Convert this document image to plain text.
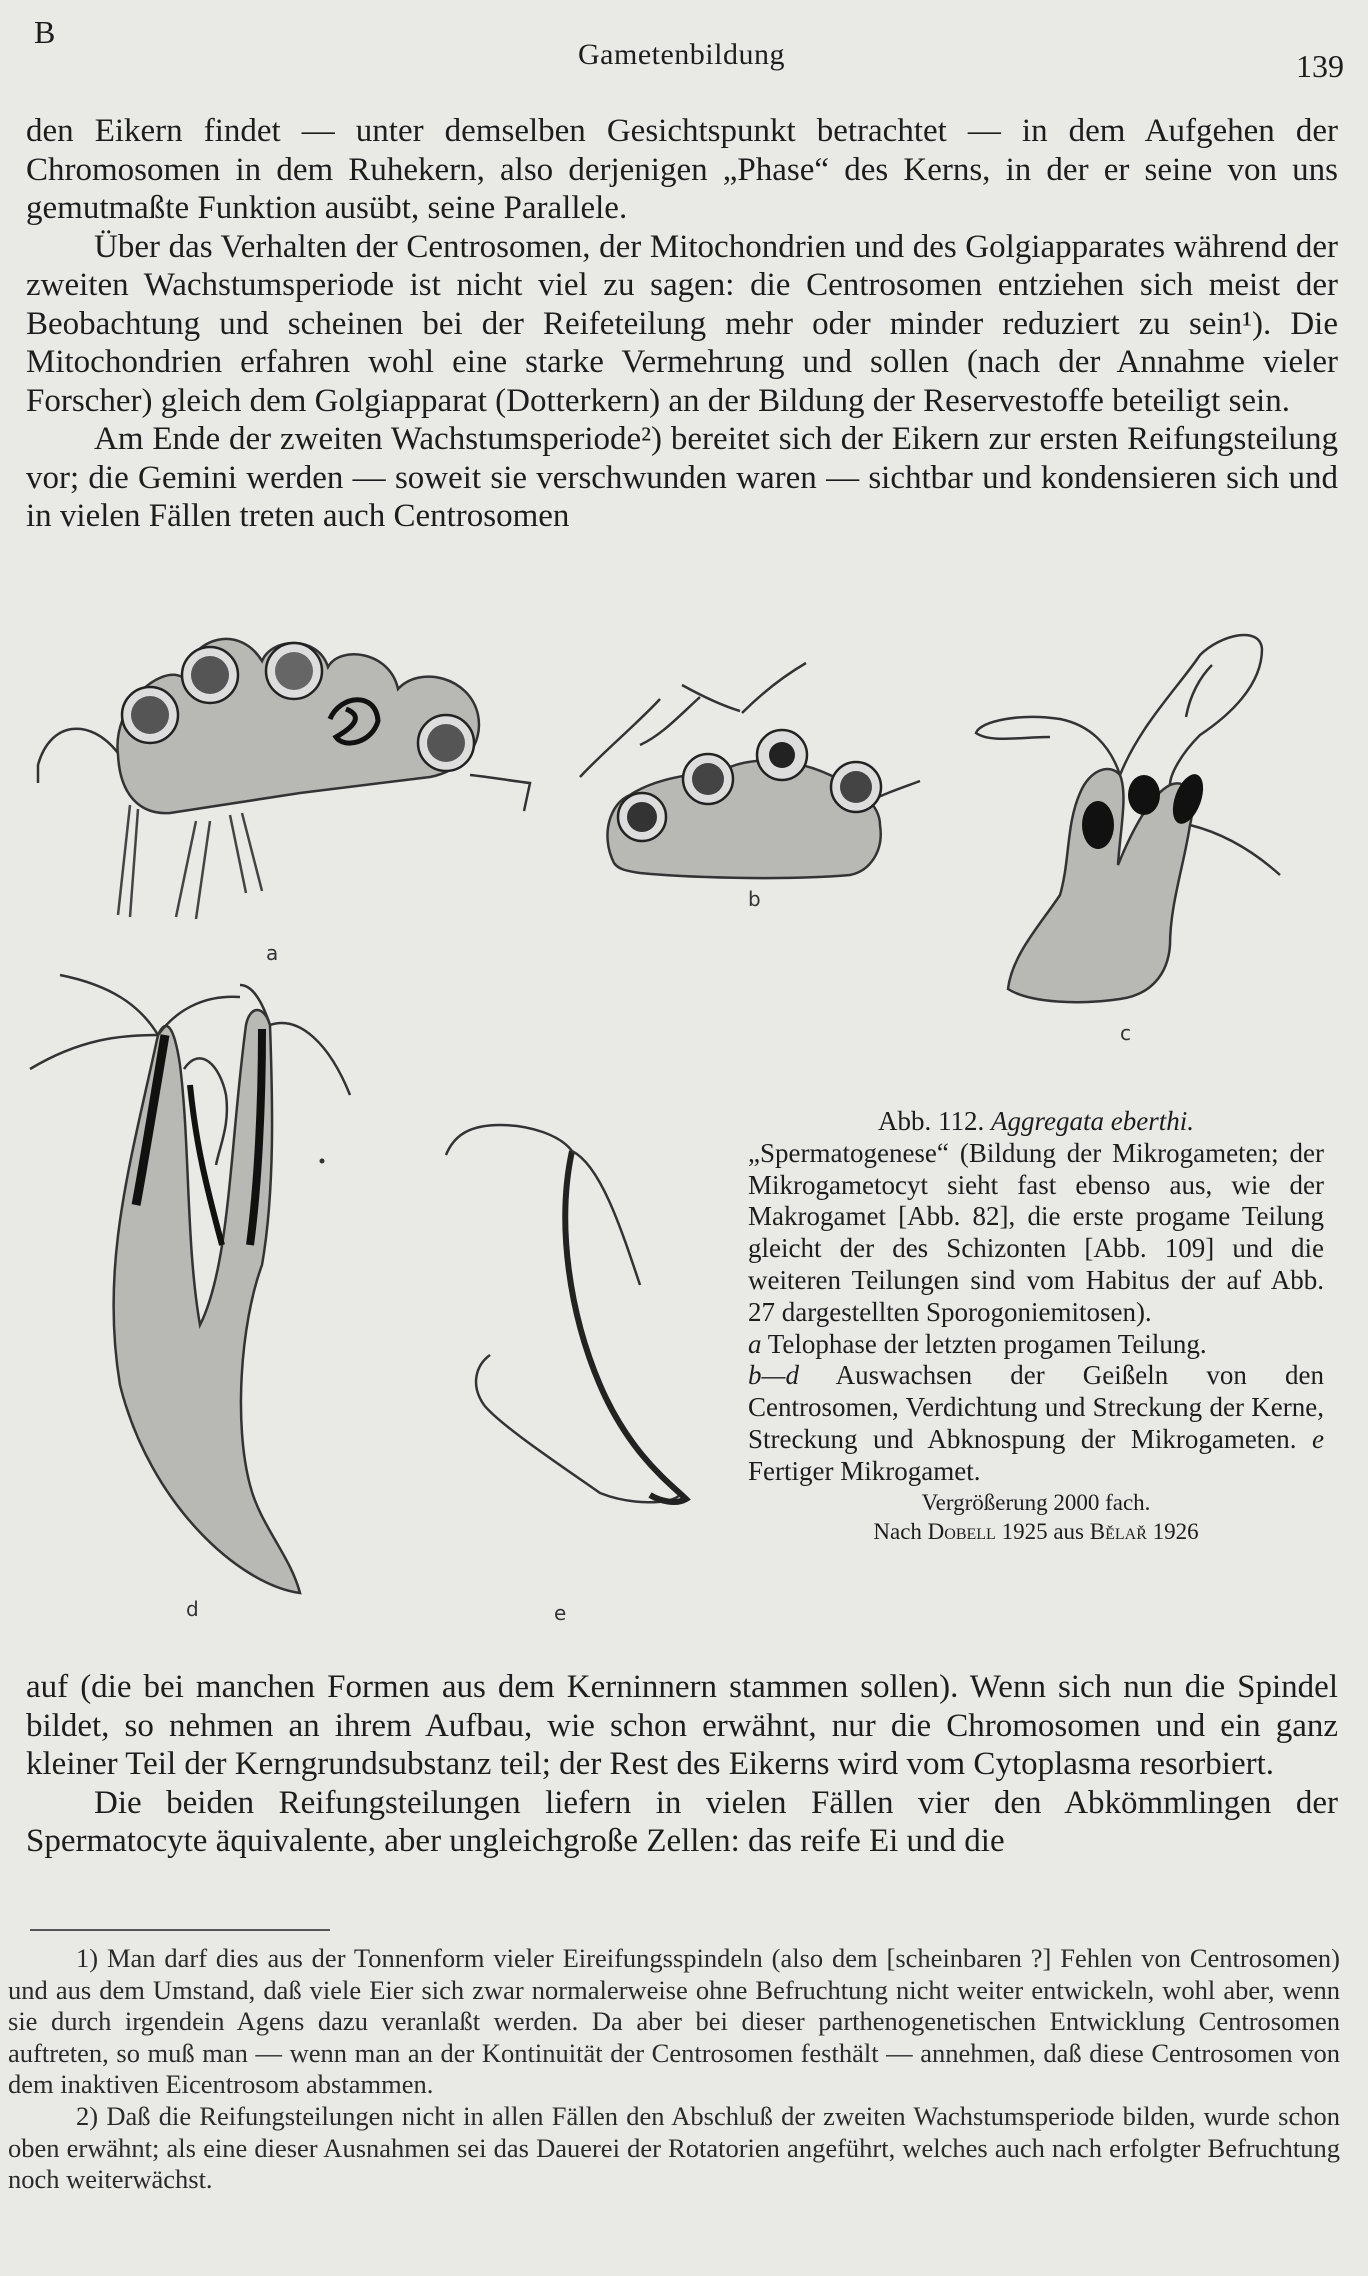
B
Gametenbildung	139

den Eikern findet — unter demselben Gesichtspunkt betrachtet — in dem Aufgehen der Chromosomen in dem Ruhekern, also derjenigen „Phase“ des Kerns, in der er seine von uns gemutmaßte Funktion ausübt, seine Parallele.

Über das Verhalten der Centrosomen, der Mitochondrien und des Golgiapparates während der zweiten Wachstumsperiode ist nicht viel zu sagen: die Centrosomen entziehen sich meist der Beobachtung und scheinen bei der Reifeteilung mehr oder minder reduziert zu sein¹). Die Mitochondrien erfahren wohl eine starke Vermehrung und sollen (nach der Annahme vieler Forscher) gleich dem Golgiapparat (Dotterkern) an der Bildung der Reservestoffe beteiligt sein.

Am Ende der zweiten Wachstumsperiode²) bereitet sich der Eikern zur ersten Reifungsteilung vor; die Gemini werden — soweit sie verschwunden waren — sichtbar und kondensieren sich und in vielen Fällen treten auch Centrosomen

a
b
c
d	e

Abb. 112. Aggregata eberthi.

„Spermatogenese“ (Bildung der Mikrogameten; der Mikrogametocyt sieht fast ebenso aus, wie der Makrogamet [Abb. 82], die erste progame Teilung gleicht der des Schizonten [Abb. 109] und die weiteren Teilungen sind vom Habitus der auf Abb. 27 dargestellten Sporogoniemitosen).

a Telophase der letzten progamen Teilung.

b—d Auswachsen der Geißeln von den Centrosomen, Verdichtung und Streckung der Kerne, Streckung und Abknospung der Mikrogameten. e Fertiger Mikrogamet.

Vergrößerung 2000 fach.

Nach Dobell 1925 aus Bělař 1926

auf (die bei manchen Formen aus dem Kerninnern stammen sollen). Wenn sich nun die Spindel bildet, so nehmen an ihrem Aufbau, wie schon erwähnt, nur die Chromosomen und ein ganz kleiner Teil der Kerngrundsubstanz teil; der Rest des Eikerns wird vom Cytoplasma resorbiert.

Die beiden Reifungsteilungen liefern in vielen Fällen vier den Abkömmlingen der Spermatocyte äquivalente, aber ungleichgroße Zellen: das reife Ei und die

1) Man darf dies aus der Tonnenform vieler Eireifungsspindeln (also dem [scheinbaren ?] Fehlen von Centrosomen) und aus dem Umstand, daß viele Eier sich zwar normalerweise ohne Befruchtung nicht weiter entwickeln, wohl aber, wenn sie durch irgendein Agens dazu veranlaßt werden. Da aber bei dieser parthenogenetischen Entwicklung Centrosomen auftreten, so muß man — wenn man an der Kontinuität der Centrosomen festhält — annehmen, daß diese Centrosomen von dem inaktiven Eicentrosom abstammen.

2) Daß die Reifungsteilungen nicht in allen Fällen den Abschluß der zweiten Wachstumsperiode bilden, wurde schon oben erwähnt; als eine dieser Ausnahmen sei das Dauerei der Rotatorien angeführt, welches auch nach erfolgter Befruchtung noch weiterwächst.
